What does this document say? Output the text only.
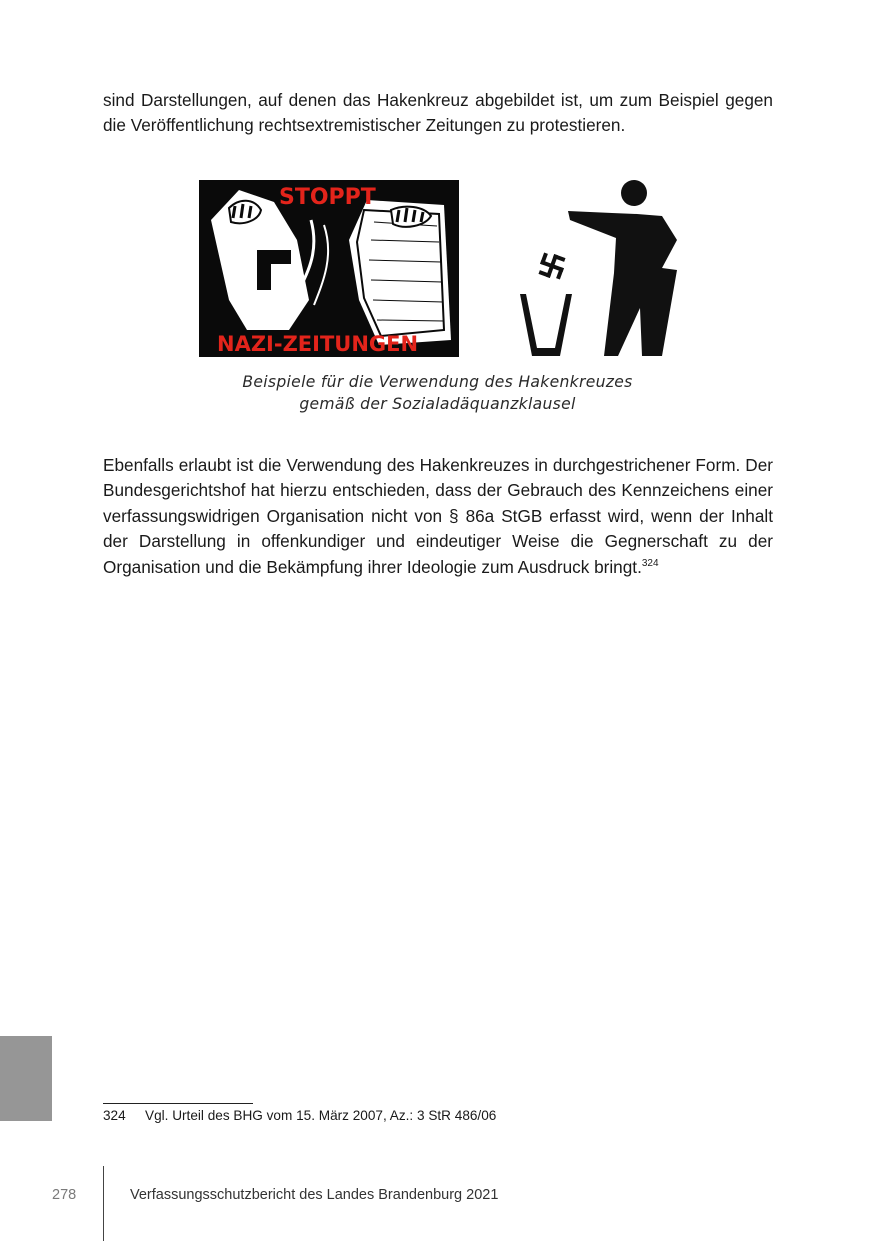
sind Darstellungen, auf denen das Hakenkreuz abgebildet ist, um zum Beispiel gegen die Veröffentlichung rechtsextremistischer Zeitungen zu protestieren.

STOPPT
NAZI-ZEITUNGEN
Beispiele für die Verwendung des Hakenkreuzes
gemäß der Sozialadäquanzklausel

Ebenfalls erlaubt ist die Verwendung des Hakenkreuzes in durchgestrichener Form. Der Bundesgerichtshof hat hierzu entschieden, dass der Gebrauch des Kennzeichens einer verfassungswidrigen Organisation nicht von § 86a StGB erfasst wird, wenn der Inhalt der Darstellung in offenkundiger und eindeutiger Weise die Gegnerschaft zu der Organisation und die Bekämpfung ihrer Ideologie zum Ausdruck bringt.$^{324}$

324 Vgl. Urteil des BHG vom 15. März 2007, Az.: 3 StR 486/06
278	Verfassungsschutzbericht des Landes Brandenburg 2021
